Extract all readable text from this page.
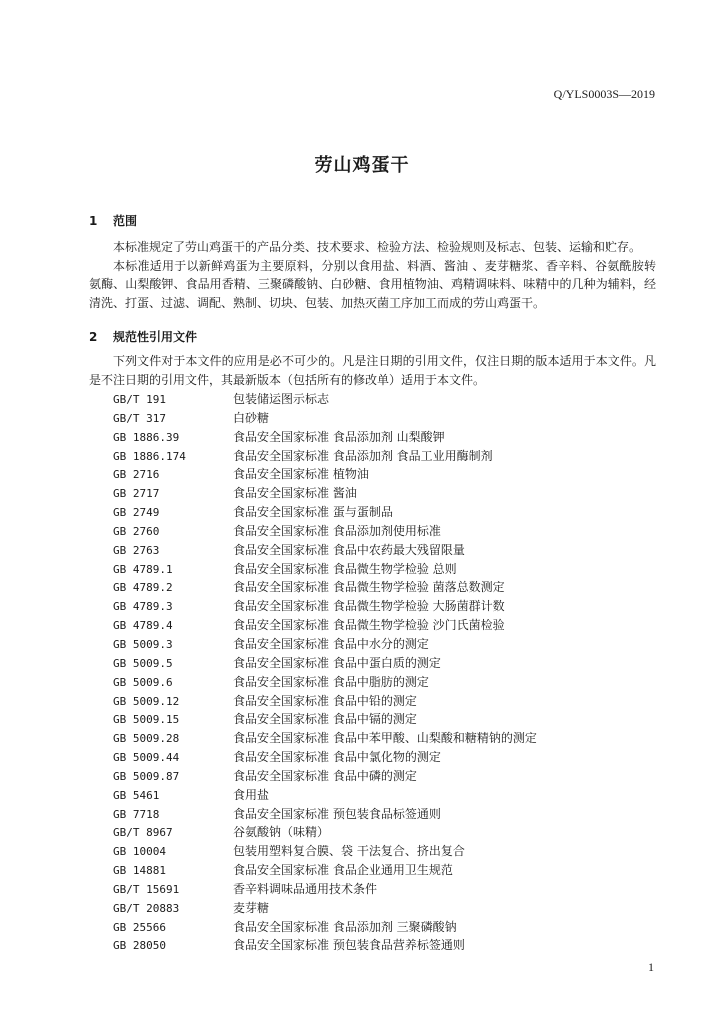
Q/YLS0003S—2019
劳山鸡蛋干
1 范围

本标准规定了劳山鸡蛋干的产品分类、技术要求、检验方法、检验规则及标志、包装、运输和贮存。

本标准适用于以新鲜鸡蛋为主要原料，分别以食用盐、料酒、酱油 、麦芽糖浆、香辛料、谷氨酰胺转氨酶、山梨酸钾、食品用香精、三聚磷酸钠、白砂糖、食用植物油、鸡精调味料、味精中的几种为辅料，经清洗、打蛋、过滤、调配、熟制、切块、包装、加热灭菌工序加工而成的劳山鸡蛋干。

2 规范性引用文件

下列文件对于本文件的应用是必不可少的。凡是注日期的引用文件，仅注日期的版本适用于本文件。凡是不注日期的引用文件，其最新版本（包括所有的修改单）适用于本文件。

GB/T 191	包装储运图示标志
GB/T 317	白砂糖
GB 1886.39	食品安全国家标准 食品添加剂 山梨酸钾
GB 1886.174	食品安全国家标准 食品添加剂 食品工业用酶制剂
GB 2716	食品安全国家标准 植物油
GB 2717	食品安全国家标准 酱油
GB 2749	食品安全国家标准 蛋与蛋制品
GB 2760	食品安全国家标准 食品添加剂使用标准
GB 2763	食品安全国家标准 食品中农药最大残留限量
GB 4789.1	食品安全国家标准 食品微生物学检验 总则
GB 4789.2	食品安全国家标准 食品微生物学检验 菌落总数测定
GB 4789.3	食品安全国家标准 食品微生物学检验 大肠菌群计数
GB 4789.4	食品安全国家标准 食品微生物学检验 沙门氏菌检验
GB 5009.3	食品安全国家标准 食品中水分的测定
GB 5009.5	食品安全国家标准 食品中蛋白质的测定
GB 5009.6	食品安全国家标准 食品中脂肪的测定
GB 5009.12	食品安全国家标准 食品中铅的测定
GB 5009.15	食品安全国家标准 食品中镉的测定
GB 5009.28	食品安全国家标准 食品中苯甲酸、山梨酸和糖精钠的测定
GB 5009.44	食品安全国家标准 食品中氯化物的测定
GB 5009.87	食品安全国家标准 食品中磷的测定
GB 5461	食用盐
GB 7718	食品安全国家标准 预包装食品标签通则
GB/T 8967	谷氨酸钠（味精）
GB 10004	包装用塑料复合膜、袋 干法复合、挤出复合
GB 14881	食品安全国家标准 食品企业通用卫生规范
GB/T 15691	香辛料调味品通用技术条件
GB/T 20883	麦芽糖
GB 25566	食品安全国家标准 食品添加剂 三聚磷酸钠
GB 28050	食品安全国家标准 预包装食品营养标签通则
1
